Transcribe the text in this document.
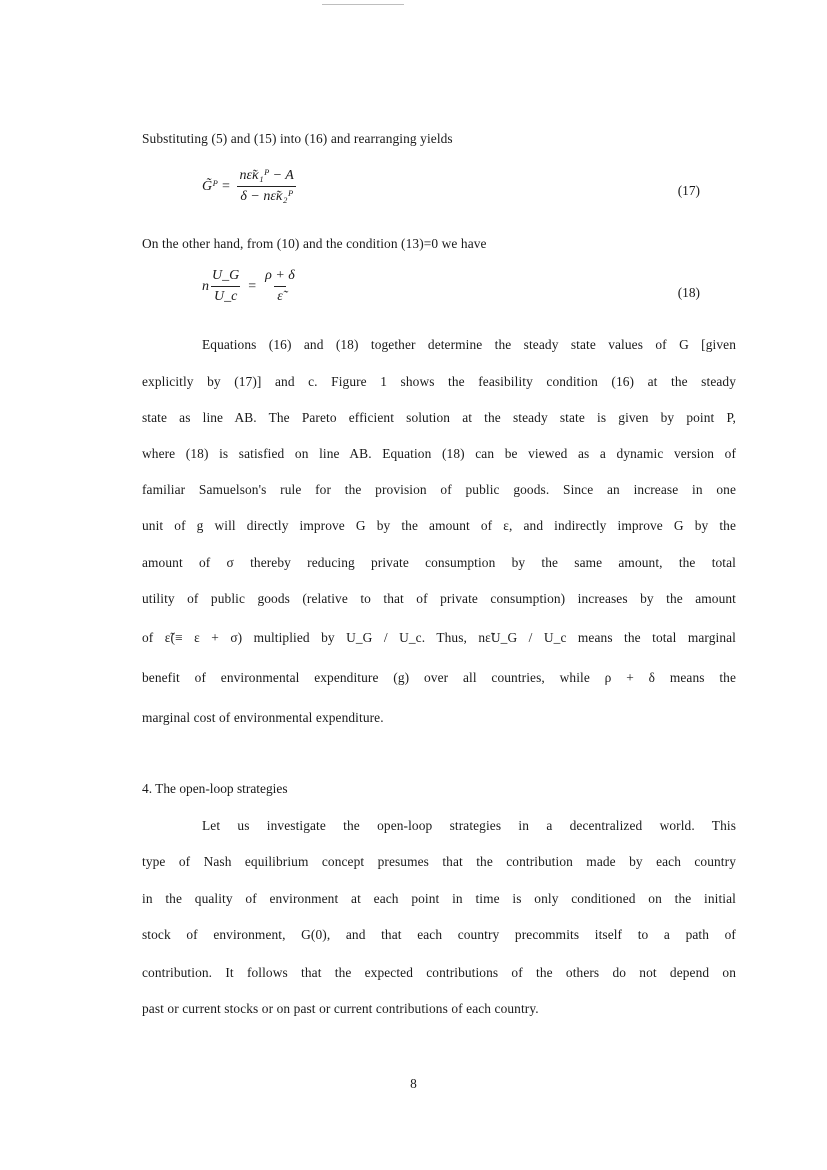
Substituting (5) and (15) into (16) and rearranging yields
G̃ᴾ = $\frac{\text{nε̃κ₁ᴾ − A}}{\text{δ − nε̃κ₂ᴾ}}$	(17)
On the other hand, from (10) and the condition (13)=0 we have
n $\frac{U\_G}{U\_c} = \frac{\rho + \delta}{\varepsiloñ}$	(18)
Equations (16) and (18) together determine the steady state values of G [given
explicitly by (17)] and c. Figure 1 shows the feasibility condition (16) at the steady
state as line AB. The Pareto efficient solution at the steady state is given by point P,
where (18) is satisfied on line AB. Equation (18) can be viewed as a dynamic version of
familiar Samuelson's rule for the provision of public goods. Since an increase in one
unit of g will directly improve G by the amount of ε, and indirectly improve G by the
amount of σ thereby reducing private consumption by the same amount, the total
utility of public goods (relative to that of private consumption) increases by the amount
of ε̃(≡ ε + σ) multiplied by U_G / U_c. Thus, nε̃U_G / U_c means the total marginal
benefit of environmental expenditure (g) over all countries, while ρ + δ means the
marginal cost of environmental expenditure.
4. The open-loop strategies
Let us investigate the open-loop strategies in a decentralized world. This
type of Nash equilibrium concept presumes that the contribution made by each country
in the quality of environment at each point in time is only conditioned on the initial
stock of environment, G(0), and that each country precommits itself to a path of
contribution. It follows that the expected contributions of the others do not depend on
past or current stocks or on past or current contributions of each country.
8
